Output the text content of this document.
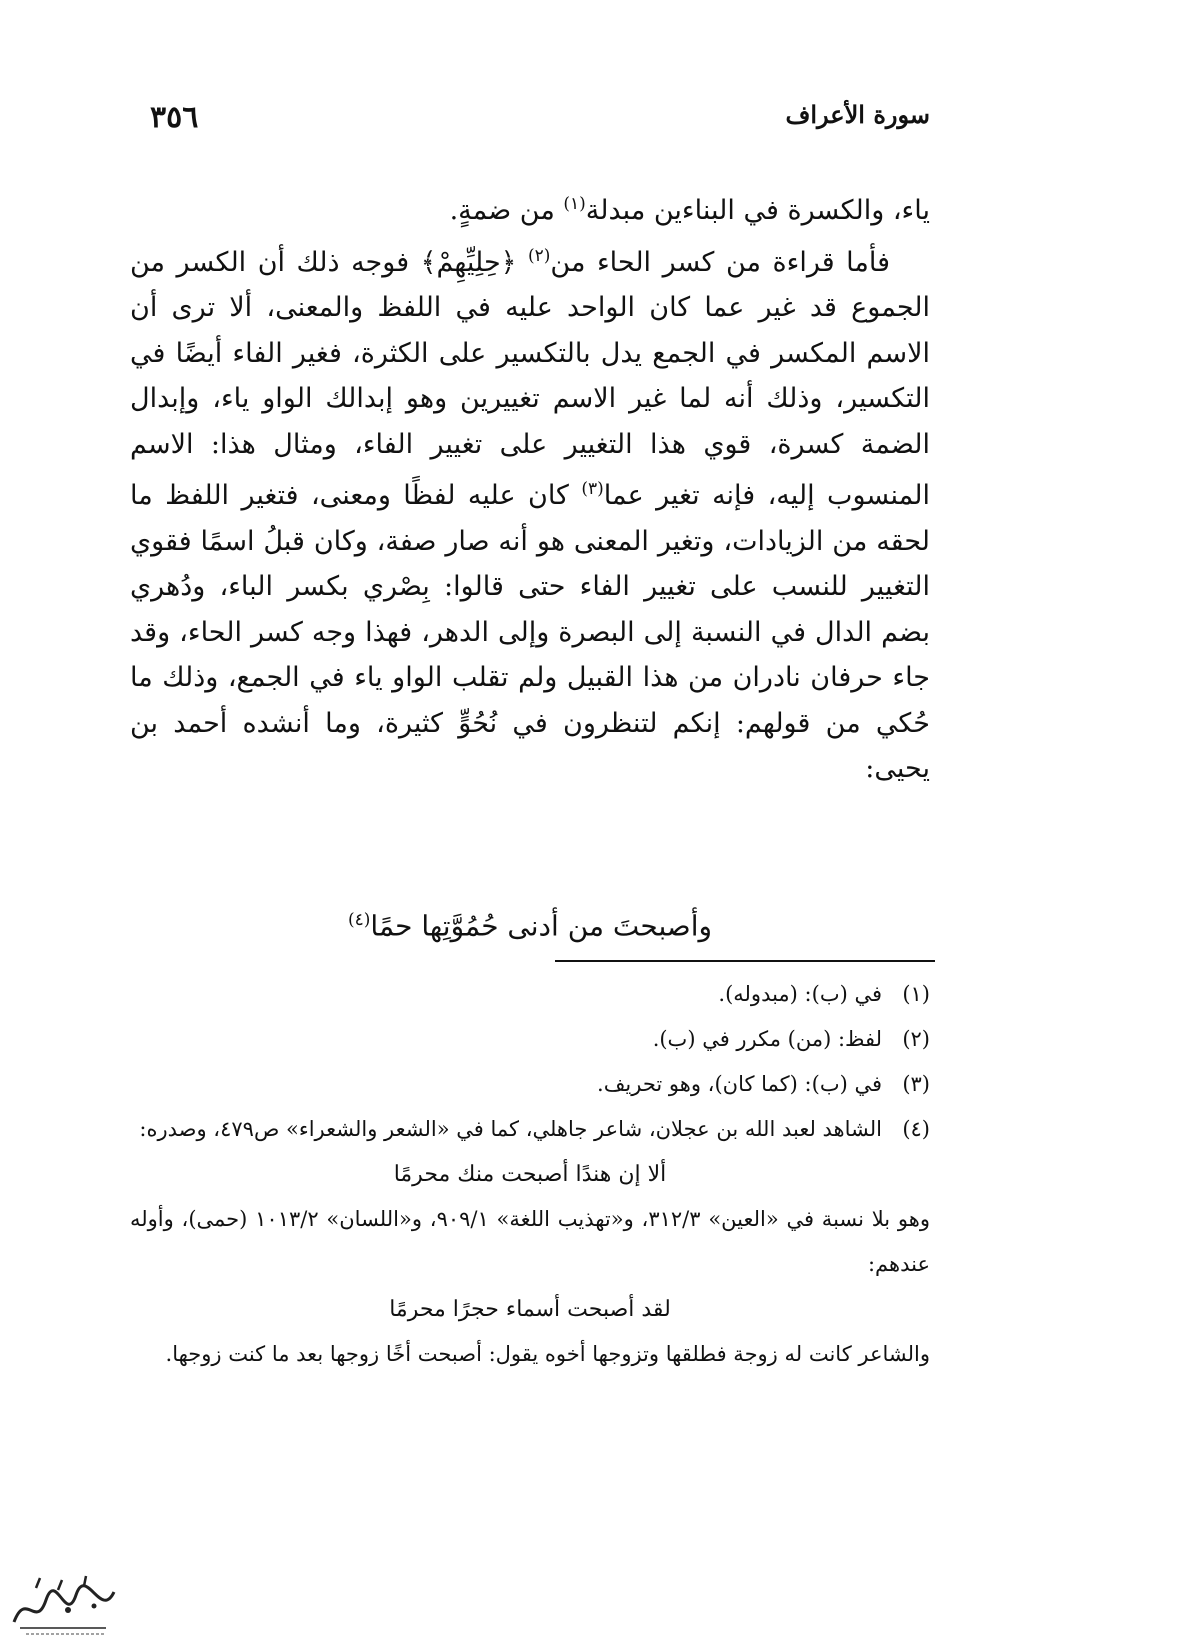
٣٥٦	سورة الأعراف

ياء، والكسرة في البناءين مبدلة$^{(١)}$ من ضمةٍ.

فأما قراءة من كسر الحاء من$^{(٢)}$ ﴿حِلِيِّهِمْ﴾ فوجه ذلك أن الكسر من الجموع قد غير عما كان الواحد عليه في اللفظ والمعنى، ألا ترى أن الاسم المكسر في الجمع يدل بالتكسير على الكثرة، فغير الفاء أيضًا في التكسير، وذلك أنه لما غير الاسم تغييرين وهو إبدالك الواو ياء، وإبدال الضمة كسرة، قوي هذا التغيير على تغيير الفاء، ومثال هذا: الاسم المنسوب إليه، فإنه تغير عما$^{(٣)}$ كان عليه لفظًا ومعنى، فتغير اللفظ ما لحقه من الزيادات، وتغير المعنى هو أنه صار صفة، وكان قبلُ اسمًا فقوي التغيير للنسب على تغيير الفاء حتى قالوا: بِصْري بكسر الباء، ودُهري بضم الدال في النسبة إلى البصرة وإلى الدهر، فهذا وجه كسر الحاء، وقد جاء حرفان نادران من هذا القبيل ولم تقلب الواو ياء في الجمع، وذلك ما حُكي من قولهم: إنكم لتنظرون في نُحُوٍّ كثيرة، وما أنشده أحمد بن يحيى:

وأصبحتَ من أدنى حُمُوَّتِها حمًا$^{(٤)}$
(١)
في (ب): (مبدوله).
(٢)
لفظ: (من) مكرر في (ب).
(٣)
في (ب): (كما كان)، وهو تحريف.
(٤)
الشاهد لعبد الله بن عجلان، شاعر جاهلي، كما في «الشعر والشعراء» ص٤٧٩، وصدره:
ألا إن هندًا أصبحت منك محرمًا
وهو بلا نسبة في «العين» ٣١٢/٣، و«تهذيب اللغة» ٩٠٩/١، و«اللسان» ١٠١٣/٢ (حمى)، وأوله عندهم:
لقد أصبحت أسماء حجرًا محرمًا
والشاعر كانت له زوجة فطلقها وتزوجها أخوه يقول: أصبحت أخًا زوجها بعد ما كنت زوجها.
